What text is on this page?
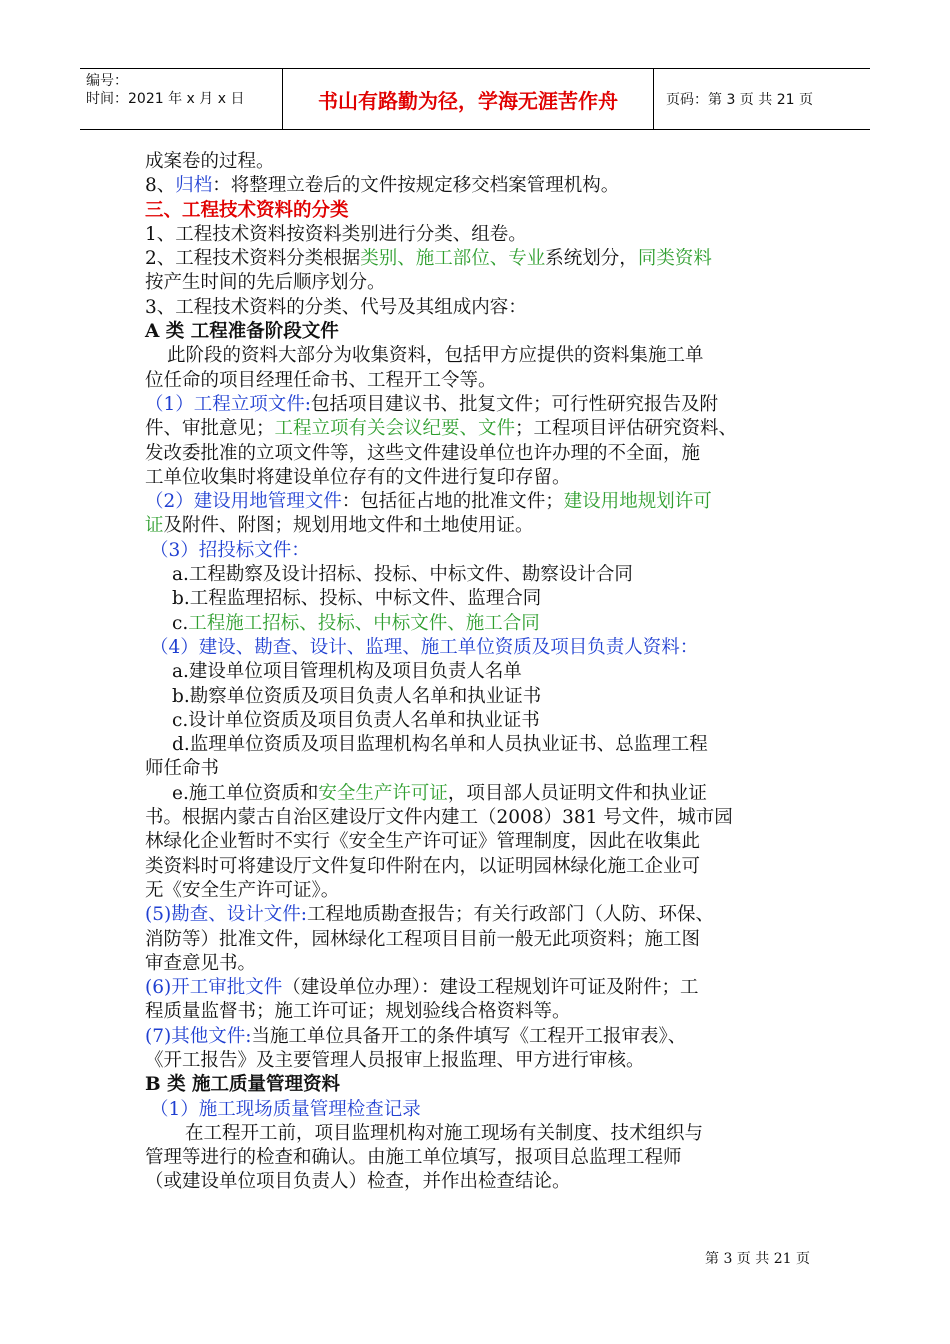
编号：
时间：2021 年 x 月 x 日	书山有路勤为径，学海无涯苦作舟	页码：第 3 页 共 21 页
成案卷的过程。
8、归档：将整理立卷后的文件按规定移交档案管理机构。
三、工程技术资料的分类
1、工程技术资料按资料类别进行分类、组卷。
2、工程技术资料分类根据类别、施工部位、专业系统划分，同类资料
按产生时间的先后顺序划分。
3、工程技术资料的分类、代号及其组成内容：
A 类 工程准备阶段文件
此阶段的资料大部分为收集资料，包括甲方应提供的资料集施工单
位任命的项目经理任命书、工程开工令等。
（1）工程立项文件:包括项目建议书、批复文件；可行性研究报告及附
件、审批意见；工程立项有关会议纪要、文件；工程项目评估研究资料、
发改委批准的立项文件等，这些文件建设单位也许办理的不全面，施
工单位收集时将建设单位存有的文件进行复印存留。
（2）建设用地管理文件：包括征占地的批准文件；建设用地规划许可
证及附件、附图；规划用地文件和土地使用证。
（3）招投标文件：
a.工程勘察及设计招标、投标、中标文件、勘察设计合同
b.工程监理招标、投标、中标文件、监理合同
c.工程施工招标、投标、中标文件、施工合同
（4）建设、勘查、设计、监理、施工单位资质及项目负责人资料：
a.建设单位项目管理机构及项目负责人名单
b.勘察单位资质及项目负责人名单和执业证书
c.设计单位资质及项目负责人名单和执业证书
d.监理单位资质及项目监理机构名单和人员执业证书、总监理工程
师任命书
e.施工单位资质和安全生产许可证，项目部人员证明文件和执业证
书。根据内蒙古自治区建设厅文件内建工（2008）381 号文件，城市园
林绿化企业暂时不实行《安全生产许可证》管理制度，因此在收集此
类资料时可将建设厅文件复印件附在内，以证明园林绿化施工企业可
无《安全生产许可证》。
(5)勘查、设计文件:工程地质勘查报告；有关行政部门（人防、环保、
消防等）批准文件，园林绿化工程项目目前一般无此项资料；施工图
审查意见书。
(6)开工审批文件（建设单位办理）：建设工程规划许可证及附件；工
程质量监督书；施工许可证；规划验线合格资料等。
(7)其他文件:当施工单位具备开工的条件填写《工程开工报审表》、
《开工报告》及主要管理人员报审上报监理、甲方进行审核。
B 类 施工质量管理资料
（1）施工现场质量管理检查记录
在工程开工前，项目监理机构对施工现场有关制度、技术组织与
管理等进行的检查和确认。由施工单位填写，报项目总监理工程师
（或建设单位项目负责人）检查，并作出检查结论。
第 3 页 共 21 页
